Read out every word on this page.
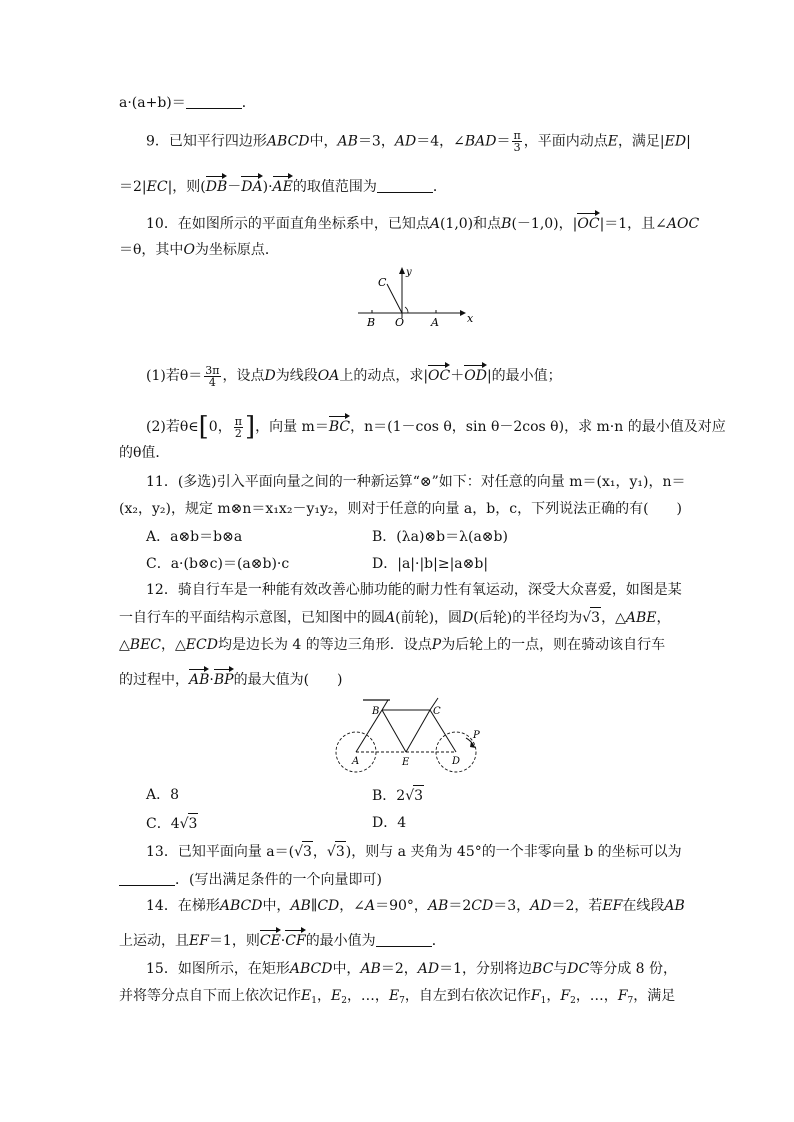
a·(a+b)＝	．
9．已知平行四边形ABCD中，AB＝3，AD＝4，∠BAD＝ $\frac{\pi}{3}$ ，平面内动点E，满足|ED|
＝2|EC|，则(DB－DA)·AE的取值范围为	．
10．在如图所示的平面直角坐标系中，已知点A(1,0)和点B(－1,0)，|OC|＝1，且∠AOC
＝θ，其中O为坐标原点．
C
y
B O A	x
(1)若$\theta= \frac{3\pi}{4}$ ，设点D为线段OA上的动点，求|OC＋OD|的最小值；
(2)若θ∈[0， $\frac{\pi}{2}$ ]，向量 m＝BC，n＝(1－cos θ，sin θ－2cos θ)，求 m·n 的最小值及对应
的θ值．
11．(多选)引入平面向量之间的一种新运算“⊗”如下：对任意的向量 m＝(x₁，y₁)，n＝
(x₂，y₂)，规定 m⊗n＝x₁x₂－y₁y₂，则对于任意的向量 a，b，c，下列说法正确的有(　　)
A．a⊗b＝b⊗a	B．(λa)⊗b＝λ(a⊗b)
C．a·(b⊗c)＝(a⊗b)·c	D．|a|·|b|≥|a⊗b|
12．骑自行车是一种能有效改善心肺功能的耐力性有氧运动，深受大众喜爱，如图是某
一自行车的平面结构示意图，已知图中的圆A(前轮)，圆D(后轮)的半径均为√3，△ABE，
△BEC，△ECD均是边长为 4 的等边三角形．设点P为后轮上的一点，则在骑动该自行车
的过程中，AB·BP的最大值为(　　)
B	C
A	E	D
P
A．8	B．2√3
C．4√3	D．4
13．已知平面向量 a＝(√3，√3)，则与 a 夹角为 45°的一个非零向量 b 的坐标可以为
．(写出满足条件的一个向量即可)
14．在梯形ABCD中，AB∥CD，∠A＝90°，AB＝2CD＝3，AD＝2，若EF在线段AB
上运动，且EF＝1，则CE·CF的最小值为	．
15．如图所示，在矩形ABCD中，AB＝2，AD＝1，分别将边BC与DC等分成 8 份，
并将等分点自下而上依次记作$E_1$，$E_2$，…，$E_7$，自左到右依次记作$F_1$，$F_2$，…，$F_7$，满足
